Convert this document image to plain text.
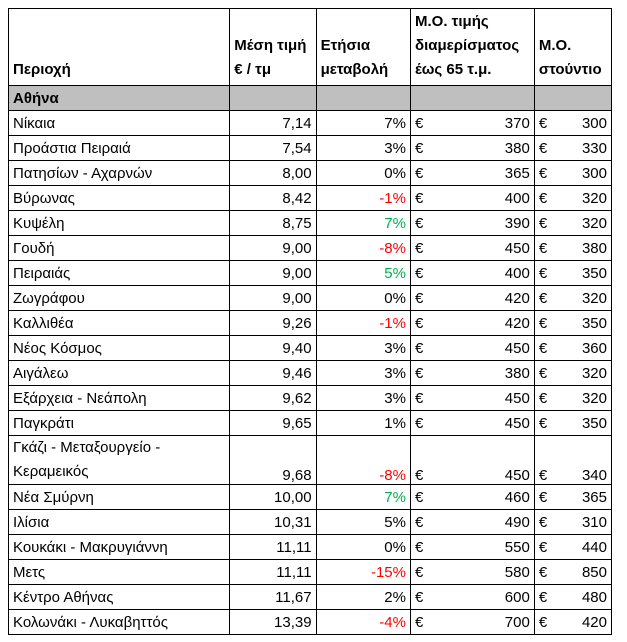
Περιοχή	Μέση τιμή € / τμ	Ετήσια μεταβολή	Μ.Ο. τιμής διαμερίσματος έως 65 τ.μ.	Μ.Ο. στούντιο
Αθήνα				
Νίκαια	7,14	7%	€ 370	€ 300

Προάστια Πειραιά	7,54	3%	€ 380	€ 330

Πατησίων - Αχαρνών	8,00	0%	€ 365	€ 300

Βύρωνας	8,42	-1%	€ 400	€ 320

Κυψέλη	8,75	7%	€ 390	€ 320

Γουδή	9,00	-8%	€ 450	€ 380

Πειραιάς	9,00	5%	€ 400	€ 350

Ζωγράφου	9,00	0%	€ 420	€ 320

Καλλιθέα	9,26	-1%	€ 420	€ 350

Νέος Κόσμος	9,40	3%	€ 450	€ 360

Αιγάλεω	9,46	3%	€ 380	€ 320

Εξάρχεια - Νεάπολη	9,62	3%	€ 450	€ 320

Παγκράτι	9,65	1%	€ 450	€ 350

Γκάζι - Μεταξουργείο - Κεραμεικός	9,68	-8%	€ 450	€ 340

Νέα Σμύρνη	10,00	7%	€ 460	€ 365

Ιλίσια	10,31	5%	€ 490	€ 310

Κουκάκι - Μακρυγιάννη	11,11	0%	€ 550	€ 440

Μετς	11,11	-15%	€ 580	€ 850

Κέντρο Αθήνας	11,67	2%	€ 600	€ 480

Κολωνάκι - Λυκαβηττός	13,39	-4%	€ 700	€ 420
